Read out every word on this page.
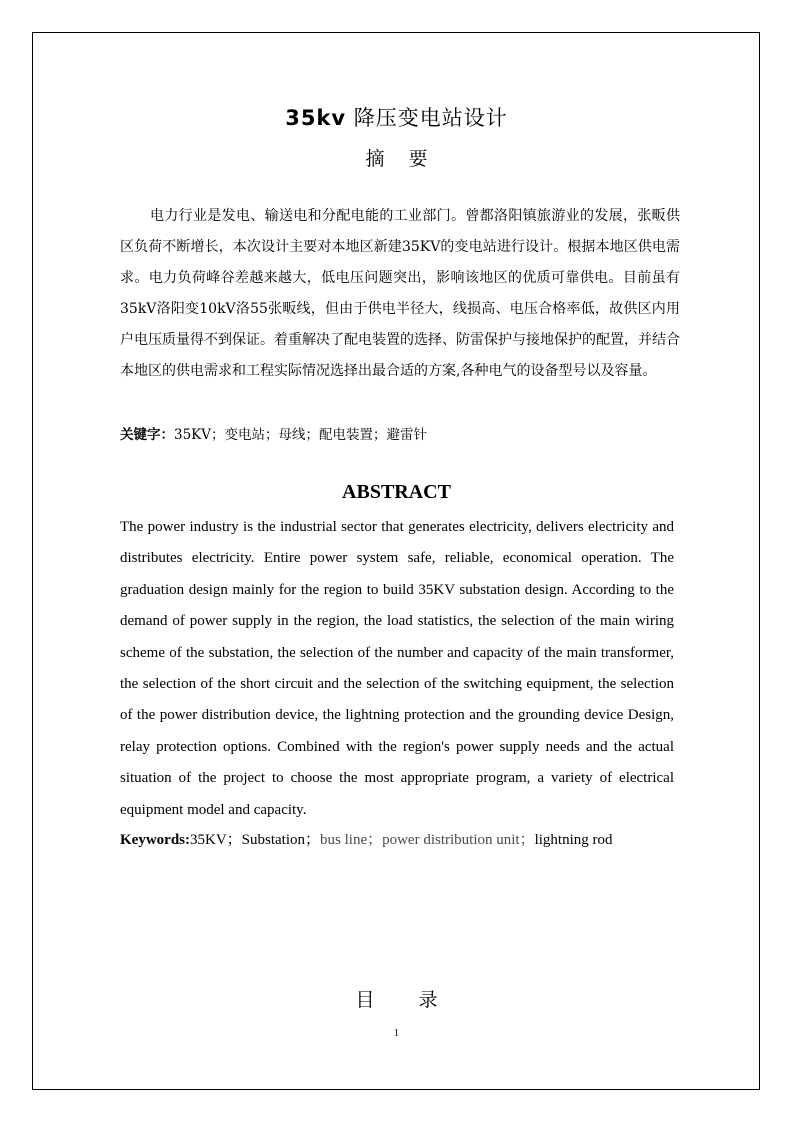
35kv 降压变电站设计
摘要

电力行业是发电、输送电和分配电能的工业部门。曾都洛阳镇旅游业的发展，张畈供区负荷不断增长，本次设计主要对本地区新建35KV的变电站进行设计。根据本地区供电需求。电力负荷峰谷差越来越大，低电压问题突出，影响该地区的优质可靠供电。目前虽有35kV洛阳变10kV洛55张畈线，但由于供电半径大，线损高、电压合格率低，故供区内用户电压质量得不到保证。着重解决了配电装置的选择、防雷保护与接地保护的配置，并结合本地区的供电需求和工程实际情况选择出最合适的方案,各种电气的设备型号以及容量。

关键字：35KV；变电站；母线；配电装置；避雷针

ABSTRACT

The power industry is the industrial sector that generates electricity, delivers electricity and distributes electricity. Entire power system safe, reliable, economical operation. The graduation design mainly for the region to build 35KV substation design. According to the demand of power supply in the region, the load statistics, the selection of the main wiring scheme of the substation, the selection of the number and capacity of the main transformer, the selection of the short circuit and the selection of the switching equipment, the selection of the power distribution device, the lightning protection and the grounding device Design, relay protection options. Combined with the region's power supply needs and the actual situation of the project to choose the most appropriate program, a variety of electrical equipment model and capacity.

Keywords:35KV；Substation；bus line；power distribution unit；lightning rod

目录
1
